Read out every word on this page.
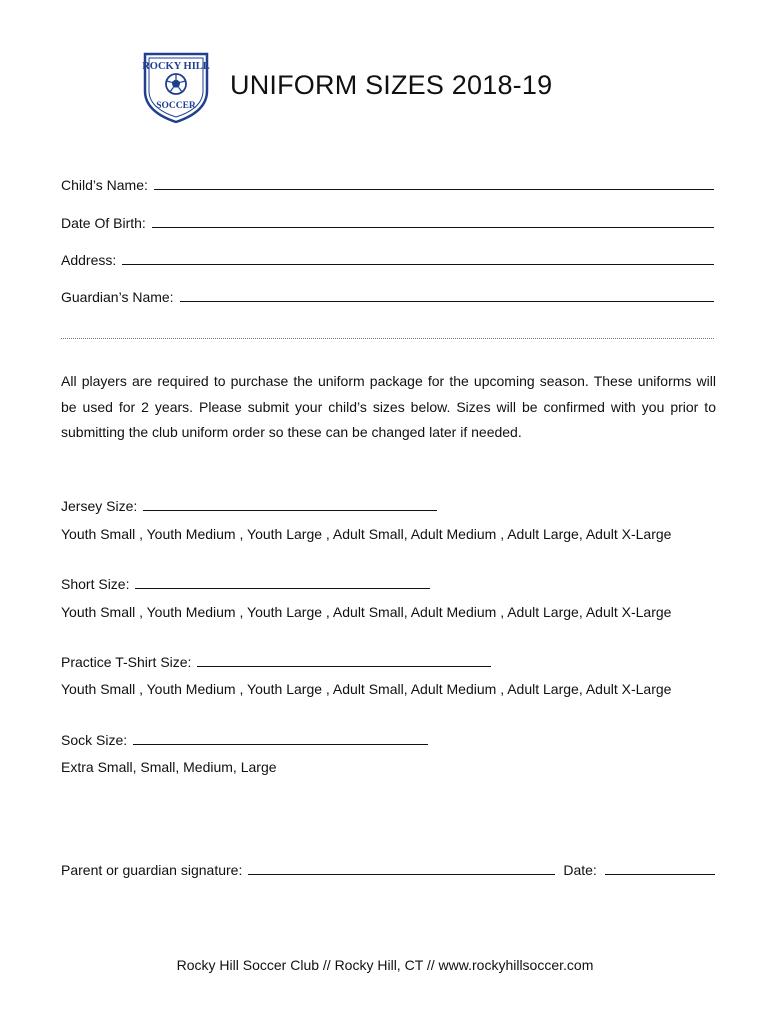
ROCKY HILL
SOCCER
UNIFORM SIZES 2018-19
Child’s Name:
Date Of Birth:
Address:
Guardian’s Name:
All players are required to purchase the uniform package for the upcoming season. These uniforms will be used for 2 years. Please submit your child’s sizes below. Sizes will be confirmed with you prior to submitting the club uniform order so these can be changed later if needed.
Jersey Size:
Youth Small , Youth Medium , Youth Large , Adult Small, Adult Medium , Adult Large, Adult X-Large
Short Size:
Youth Small , Youth Medium , Youth Large , Adult Small, Adult Medium , Adult Large, Adult X-Large
Practice T-Shirt Size:
Youth Small , Youth Medium , Youth Large , Adult Small, Adult Medium , Adult Large, Adult X-Large
Sock Size:
Extra Small, Small, Medium, Large
Parent or guardian signature:	Date:
Rocky Hill Soccer Club // Rocky Hill, CT // www.rockyhillsoccer.com
